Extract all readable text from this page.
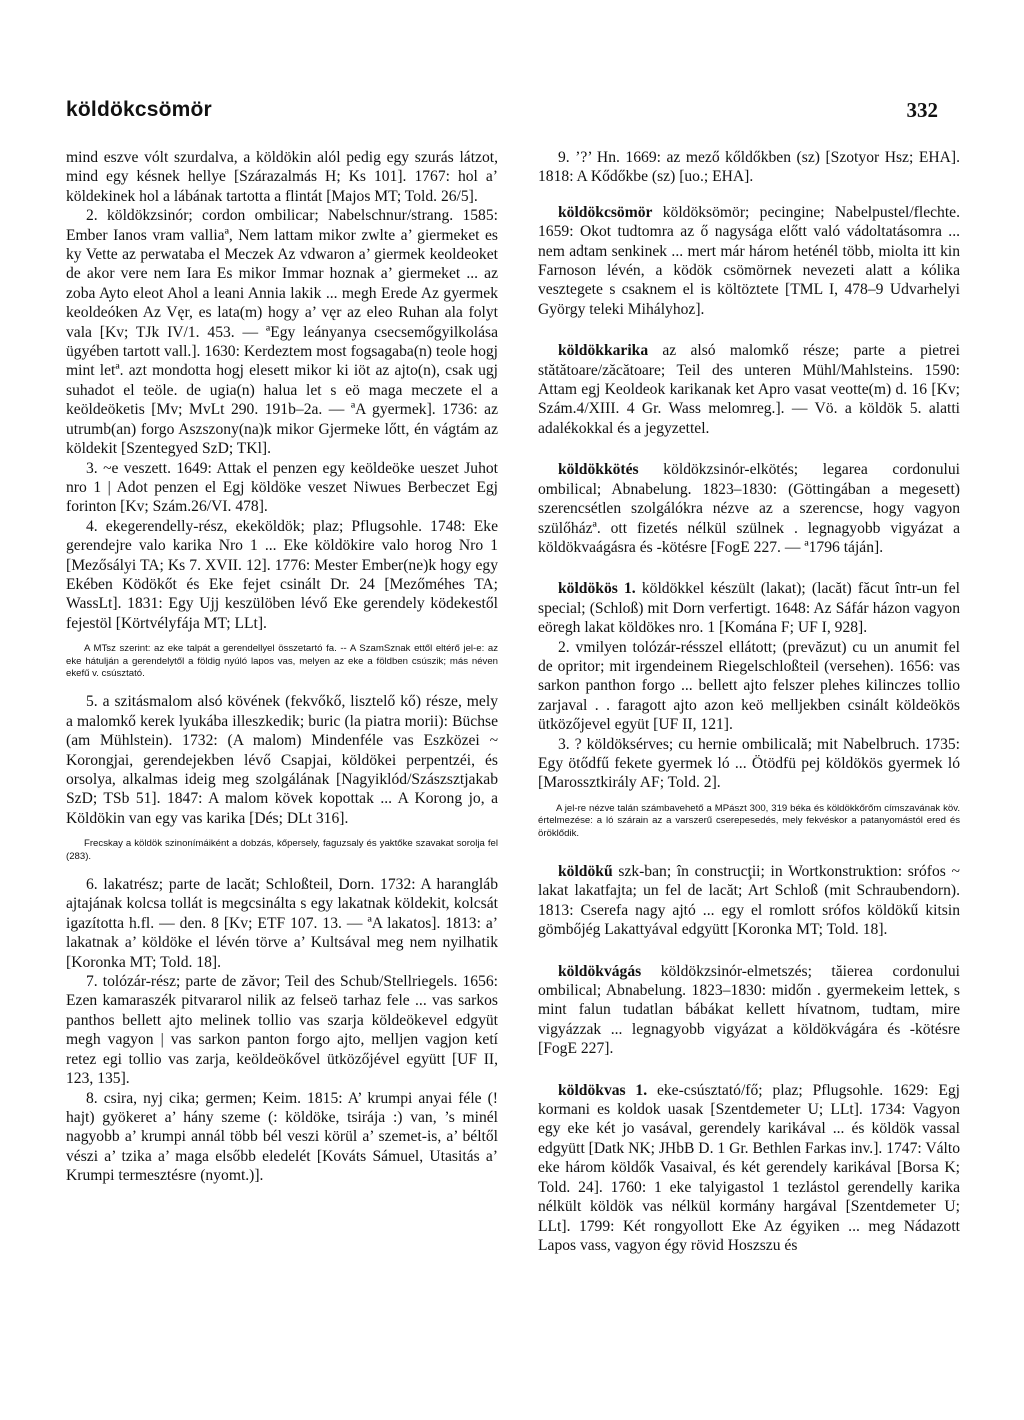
köldökcsömör	332

mind eszve vólt szurdalva, a köldökin alól pedig egy szurás látzot, mind egy késnek hellye [Szárazalmás H; Ks 101]. 1767: hol a’ köldekinek hol a lábának tartotta a flintát [Majos MT; Told. 26/5].

2. köldökzsinór; cordon ombilicar; Nabelschnur/strang. 1585: Ember Ianos vram valliaª, Nem lattam mikor zwlte a’ giermeket es ky Vette az perwataba el Meczek Az vdwaron a’ giermek keoldeoket de akor vere nem Iara Es mikor Immar hoznak a’ giermeket ... az zoba Ayto eleot Ahol a leani Annia lakik ... megh Erede Az gyermek keoldeóken Az Vęr, es lata(m) hogy a’ vęr az eleo Ruhan ala folyt vala [Kv; TJk IV/1. 453. — ªEgy leányanya csecsemőgyilkolása ügyében tartott vall.]. 1630: Kerdeztem most fogsagaba(n) teole hogj mint letª. azt mondotta hogj elesett mikor ki iöt az ajto(n), csak ugj suhadot el teöle. de ugia(n) halua let s eö maga meczete el a keöldeöketis [Mv; MvLt 290. 191b–2a. — ªA gyermek]. 1736: az utrumb(an) forgo Aszszony(na)k mikor Gjermeke lőtt, én vágtám az köldekit [Szentegyed SzD; TKl].

3. ~e veszett. 1649: Attak el penzen egy keöldeöke ueszet Juhot nro 1 | Adot penzen el Egj köldöke veszet Niwues Berbeczet Egj forinton [Kv; Szám.26/VI. 478].

4. ekegerendelly-rész, ekeköldök; plaz; Pflugsohle. 1748: Eke gerendejre valo karika Nro 1 ... Eke köldökire valo horog Nro 1 [Mezősályi TA; Ks 7. XVII. 12]. 1776: Mester Ember(ne)k hogy egy Ekében Ködökőt és Eke fejet csinált Dr. 24 [Mezőméhes TA; WassLt]. 1831: Egy Ujj keszülöben lévő Eke gerendely ködekestől fejestöl [Körtvélyfája MT; LLt].

A MTsz szerint: az eke talpát a gerendellyel összetartó fa. -- A SzamSznak ettől eltérő jel-e: az eke hátulján a gerendelytől a földig nyúló lapos vas, melyen az eke a földben csúszik; más néven ekefű v. csúsztató.

5. a szitásmalom alsó kövének (fekvőkő, lisztelő kő) része, mely a malomkő kerek lyukába illeszkedik; buric (la piatra morii): Büchse (am Mühlstein). 1732: (A malom) Mindenféle vas Eszközei ~ Korongjai, gerendejekben lévő Csapjai, köldökei perpentzéi, és orsolya, alkalmas ideig meg szolgálának [Nagyiklód/Szászsztjakab SzD; TSb 51]. 1847: A malom kövek kopottak ... A Korong jo, a Köldökin van egy vas karika [Dés; DLt 316].

Frecskay a köldök szinonímáiként a dobzás, kőpersely, faguzsaly és yaktőke szavakat sorolja fel (283).

6. lakatrész; parte de lacăt; Schloßteil, Dorn. 1732: A harangláb ajtajának kolcsa tollát is megcsinálta s egy lakatnak köldekit, kolcsát igazította h.fl. — den. 8 [Kv; ETF 107. 13. — ªA lakatos]. 1813: a’ lakatnak a’ köldöke el lévén törve a’ Kultsával meg nem nyilhatik [Koronka MT; Told. 18].

7. tolózár-rész; parte de zăvor; Teil des Schub/Stellriegels. 1656: Ezen kamaraszék pitvararol nilik az felseö tarhaz fele ... vas sarkos panthos bellett ajto melinek tollio vas szarja köldeökevel edgyüt megh vagyon | vas sarkon panton forgo ajto, melljen vagjon ketí retez egi tollio vas zarja, keöldeökővel ütközőjével együtt [UF II, 123, 135].

8. csira, nyj cika; germen; Keim. 1815: A’ krumpi anyai féle (! hajt) gyökeret a’ hány szeme (: köldöke, tsirája :) van, ’s minél nagyobb a’ krumpi annál több bél veszi körül a’ szemet-is, a’ béltől vészi a’ tzika a’ maga elsőbb eledelét [Kováts Sámuel, Utasitás a’ Krumpi termesztésre (nyomt.)].

9. ’?’ Hn. 1669: az mező kőldőkben (sz) [Szotyor Hsz; EHA]. 1818: A Kődőkbe (sz) [uo.; EHA].

köldökcsömör köldöksömör; pecingine; Nabelpustel/flechte. 1659: Okot tudtomra az ő nagysága előtt való vádoltatásomra ... nem adtam senkinek ... mert már három heténél több, miolta itt kin Farnoson lévén, a ködök csömörnek nevezeti alatt a kólika vesztegete s csaknem el is költöztete [TML I, 478–9 Udvarhelyi György teleki Mihályhoz].

köldökkarika az alsó malomkő része; parte a pietrei stătătoare/zăcătoare; Teil des unteren Mühl/Mahlsteins. 1590: Attam egj Keoldeok karikanak ket Apro vasat veotte(m) d. 16 [Kv; Szám.4/XIII. 4 Gr. Wass melomreg.]. — Vö. a köldök 5. alatti adalékokkal és a jegyzettel.

köldökkötés köldökzsinór-elkötés; legarea cordonului ombilical; Abnabelung. 1823–1830: (Göttingában a megesett) szerencsétlen szolgálókra nézve az a szerencse, hogy vagyon szülőházª. ott fizetés nélkül szülnek . legnagyobb vigyázat a köldökvaágásra és -kötésre [FogE 227. — ª1796 táján].

köldökös 1. köldökkel készült (lakat); (lacăt) făcut într-un fel special; (Schloß) mit Dorn verfertigt. 1648: Az Sáfár házon vagyon eöregh lakat köldökes nro. 1 [Komána F; UF I, 928].

2. vmilyen tolózár-résszel ellátott; (prevăzut) cu un anumit fel de opritor; mit irgendeinem Riegelschloßteil (versehen). 1656: vas sarkon panthon forgo ... bellett ajto felszer plehes kilinczes tollio zarjaval . . faragott ajto azon keö melljekben csinált köldeökös ütközőjevel együt [UF II, 121].

3. ? köldöksérves; cu hernie ombilicală; mit Nabelbruch. 1735: Egy ötődfű fekete gyermek ló ... Ötödfü pej köldökös gyermek ló [Marossztkirály AF; Told. 2].

A jel-re nézve talán számbavehető a MPászt 300, 319 béka és köldökkőrőm címszavának köv. értelmezése: a ló szárain az a varszerű cserepesedés, mely fekvéskor a patanyomástól ered és öröklődik.

köldökű szk-ban; în construcţii; in Wortkonstruktion: srófos ~ lakat lakatfajta; un fel de lacăt; Art Schloß (mit Schraubendorn). 1813: Cserefa nagy ajtó ... egy el romlott srófos köldökű kitsin gömbőjég Lakattyával edgyütt [Koronka MT; Told. 18].

köldökvágás köldökzsinór-elmetszés; tăierea cordonului ombilical; Abnabelung. 1823–1830: midőn . gyermekeim lettek, s mint falun tudatlan bábákat kellett hívatnom, tudtam, mire vigyázzak ... legnagyobb vigyázat a köldökvágára és -kötésre [FogE 227].

köldökvas 1. eke-csúsztató/fő; plaz; Pflugsohle. 1629: Egj kormani es koldok uasak [Szentdemeter U; LLt]. 1734: Vagyon egy eke két jo vasával, gerendely karikával ... és köldök vassal edgyütt [Datk NK; JHbB D. 1 Gr. Bethlen Farkas inv.]. 1747: Válto eke három köldők Vasaival, és két gerendely karikával [Borsa K; Told. 24]. 1760: 1 eke talyigastol 1 tezlástol gerendelly karika nélkült köldök vas nélkül kormány hargával [Szentdemeter U; LLt]. 1799: Két rongyollott Eke Az égyiken ... meg Nádazott Lapos vass, vagyon égy rövid Hoszszu és
